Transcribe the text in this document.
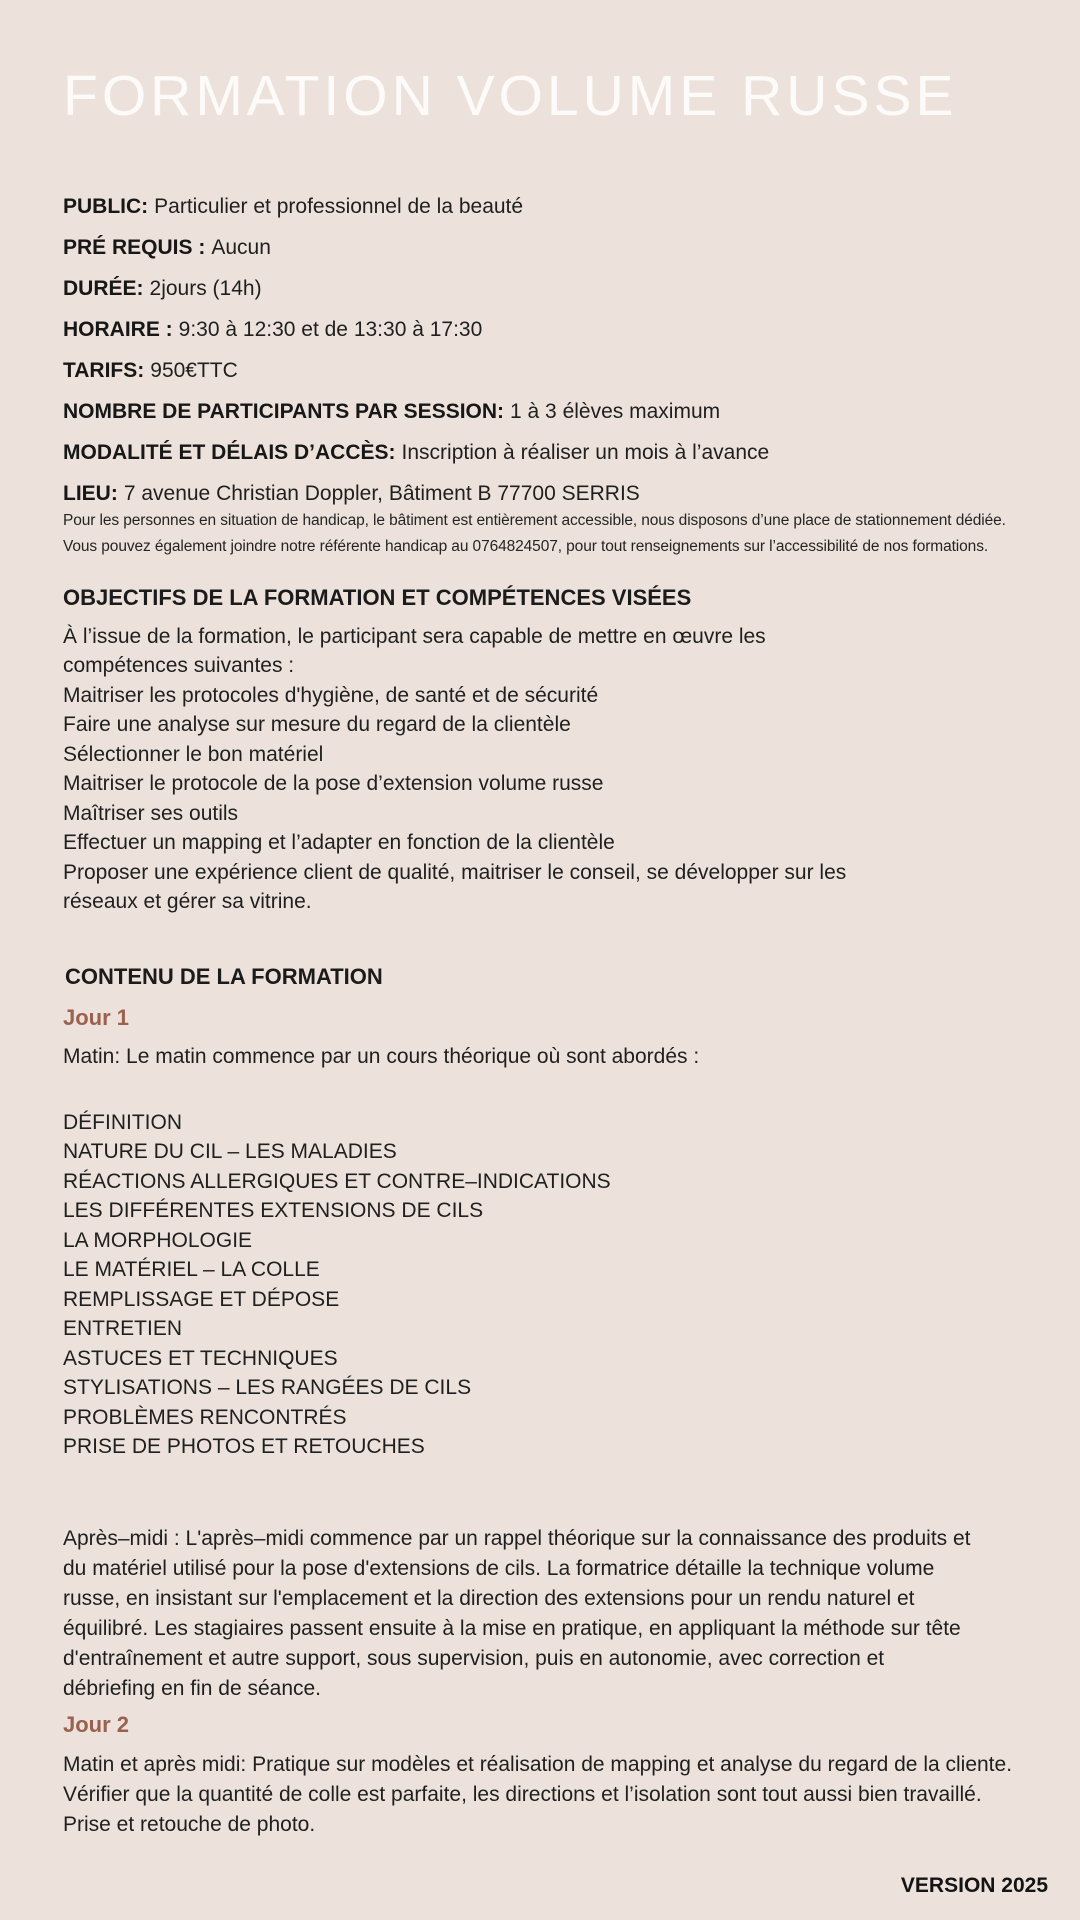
FORMATION VOLUME RUSSE
PUBLIC: Particulier et professionnel de la beauté
PRÉ REQUIS : Aucun
DURÉE: 2jours (14h)
HORAIRE : 9:30 à 12:30 et de 13:30 à 17:30
TARIFS: 950€TTC
NOMBRE DE PARTICIPANTS PAR SESSION: 1 à 3 élèves maximum
MODALITÉ ET DÉLAIS D’ACCÈS: Inscription à réaliser un mois à l’avance
LIEU: 7 avenue Christian Doppler, Bâtiment B 77700 SERRIS
Pour les personnes en situation de handicap, le bâtiment est entièrement accessible, nous disposons d’une place de stationnement dédiée.
Vous pouvez également joindre notre référente handicap au 0764824507, pour tout renseignements sur l’accessibilité de nos formations.
OBJECTIFS DE LA FORMATION ET COMPÉTENCES VISÉES
À l’issue de la formation, le participant sera capable de mettre en œuvre les
compétences suivantes :
Maitriser les protocoles d'hygiène, de santé et de sécurité
Faire une analyse sur mesure du regard de la clientèle
Sélectionner le bon matériel
Maitriser le protocole de la pose d’extension volume russe
Maîtriser ses outils
Effectuer un mapping et l’adapter en fonction de la clientèle
Proposer une expérience client de qualité, maitriser le conseil, se développer sur les
réseaux et gérer sa vitrine.
CONTENU DE LA FORMATION
Jour 1
Matin: Le matin commence par un cours théorique où sont abordés :
DÉFINITION
NATURE DU CIL – LES MALADIES
RÉACTIONS ALLERGIQUES ET CONTRE–INDICATIONS
LES DIFFÉRENTES EXTENSIONS DE CILS
LA MORPHOLOGIE
LE MATÉRIEL – LA COLLE
REMPLISSAGE ET DÉPOSE
ENTRETIEN
ASTUCES ET TECHNIQUES
STYLISATIONS – LES RANGÉES DE CILS
PROBLÈMES RENCONTRÉS
PRISE DE PHOTOS ET RETOUCHES
Après–midi : L'après–midi commence par un rappel théorique sur la connaissance des produits et
du matériel utilisé pour la pose d'extensions de cils. La formatrice détaille la technique volume
russe, en insistant sur l'emplacement et la direction des extensions pour un rendu naturel et
équilibré. Les stagiaires passent ensuite à la mise en pratique, en appliquant la méthode sur tête
d'entraînement et autre support, sous supervision, puis en autonomie, avec correction et
débriefing en fin de séance.
Jour 2
Matin et après midi: Pratique sur modèles et réalisation de mapping et analyse du regard de la cliente.
Vérifier que la quantité de colle est parfaite, les directions et l’isolation sont tout aussi bien travaillé.
Prise et retouche de photo.
VERSION 2025
